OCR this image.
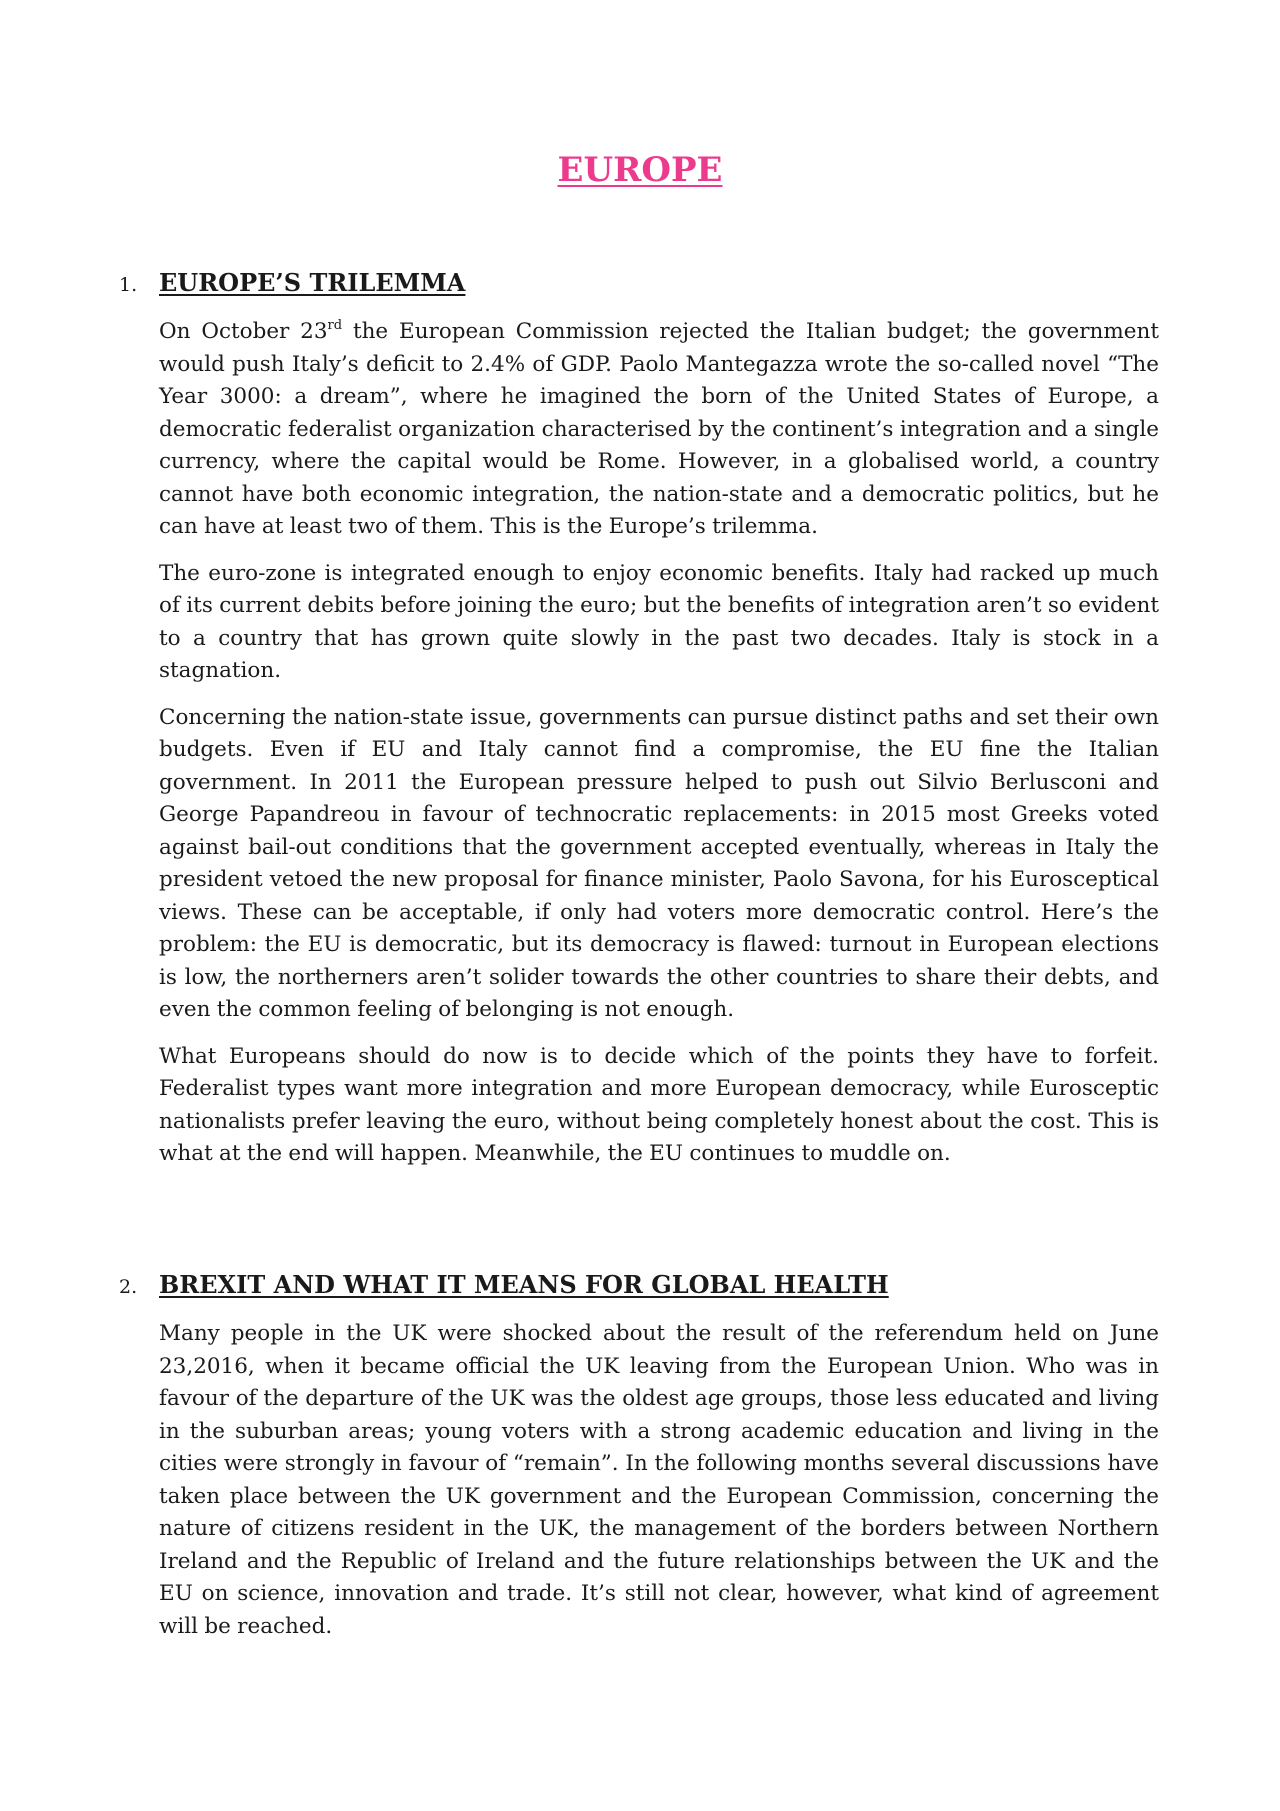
EUROPE
1. EUROPE’S TRILEMMA

On October 23rd the European Commission rejected the Italian budget; the government would push Italy’s deficit to 2.4% of GDP. Paolo Mantegazza wrote the so-called novel “The Year 3000: a dream”, where he imagined the born of the United States of Europe, a democratic federalist organization characterised by the continent’s integration and a single currency, where the capital would be Rome. However, in a globalised world, a country cannot have both economic integration, the nation-state and a democratic politics, but he can have at least two of them. This is the Europe’s trilemma.

The euro-zone is integrated enough to enjoy economic benefits. Italy had racked up much of its current debits before joining the euro; but the benefits of integration aren’t so evident to a country that has grown quite slowly in the past two decades. Italy is stock in a stagnation.

Concerning the nation-state issue, governments can pursue distinct paths and set their own budgets. Even if EU and Italy cannot find a compromise, the EU fine the Italian government. In 2011 the European pressure helped to push out Silvio Berlusconi and George Papandreou in favour of technocratic replacements: in 2015 most Greeks voted against bail-out conditions that the government accepted eventually, whereas in Italy the president vetoed the new proposal for finance minister, Paolo Savona, for his Eurosceptical views. These can be acceptable, if only had voters more democratic control. Here’s the problem: the EU is democratic, but its democracy is flawed: turnout in European elections is low, the northerners aren’t solider towards the other countries to share their debts, and even the common feeling of belonging is not enough.

What Europeans should do now is to decide which of the points they have to forfeit. Federalist types want more integration and more European democracy, while Eurosceptic nationalists prefer leaving the euro, without being completely honest about the cost. This is what at the end will happen. Meanwhile, the EU continues to muddle on.

2. BREXIT AND WHAT IT MEANS FOR GLOBAL HEALTH

Many people in the UK were shocked about the result of the referendum held on June 23,2016, when it became official the UK leaving from the European Union. Who was in favour of the departure of the UK was the oldest age groups, those less educated and living in the suburban areas; young voters with a strong academic education and living in the cities were strongly in favour of “remain”. In the following months several discussions have taken place between the UK government and the European Commission, concerning the nature of citizens resident in the UK, the management of the borders between Northern Ireland and the Republic of Ireland and the future relationships between the UK and the EU on science, innovation and trade. It’s still not clear, however, what kind of agreement will be reached.
